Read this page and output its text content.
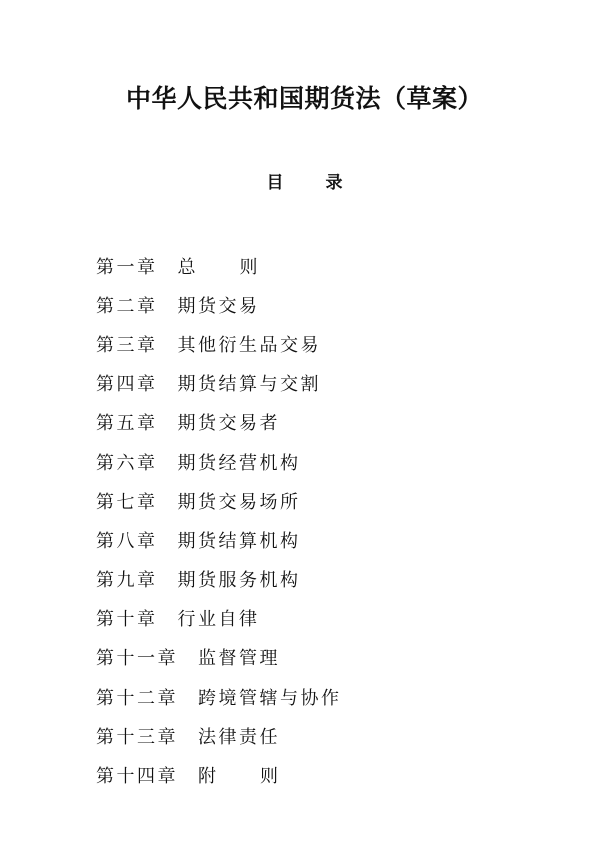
中华人民共和国期货法（草案）
目 录
第一章 总则
第二章 期货交易
第三章 其他衍生品交易
第四章 期货结算与交割
第五章 期货交易者
第六章 期货经营机构
第七章 期货交易场所
第八章 期货结算机构
第九章 期货服务机构
第十章 行业自律
第十一章 监督管理
第十二章 跨境管辖与协作
第十三章 法律责任
第十四章 附则
